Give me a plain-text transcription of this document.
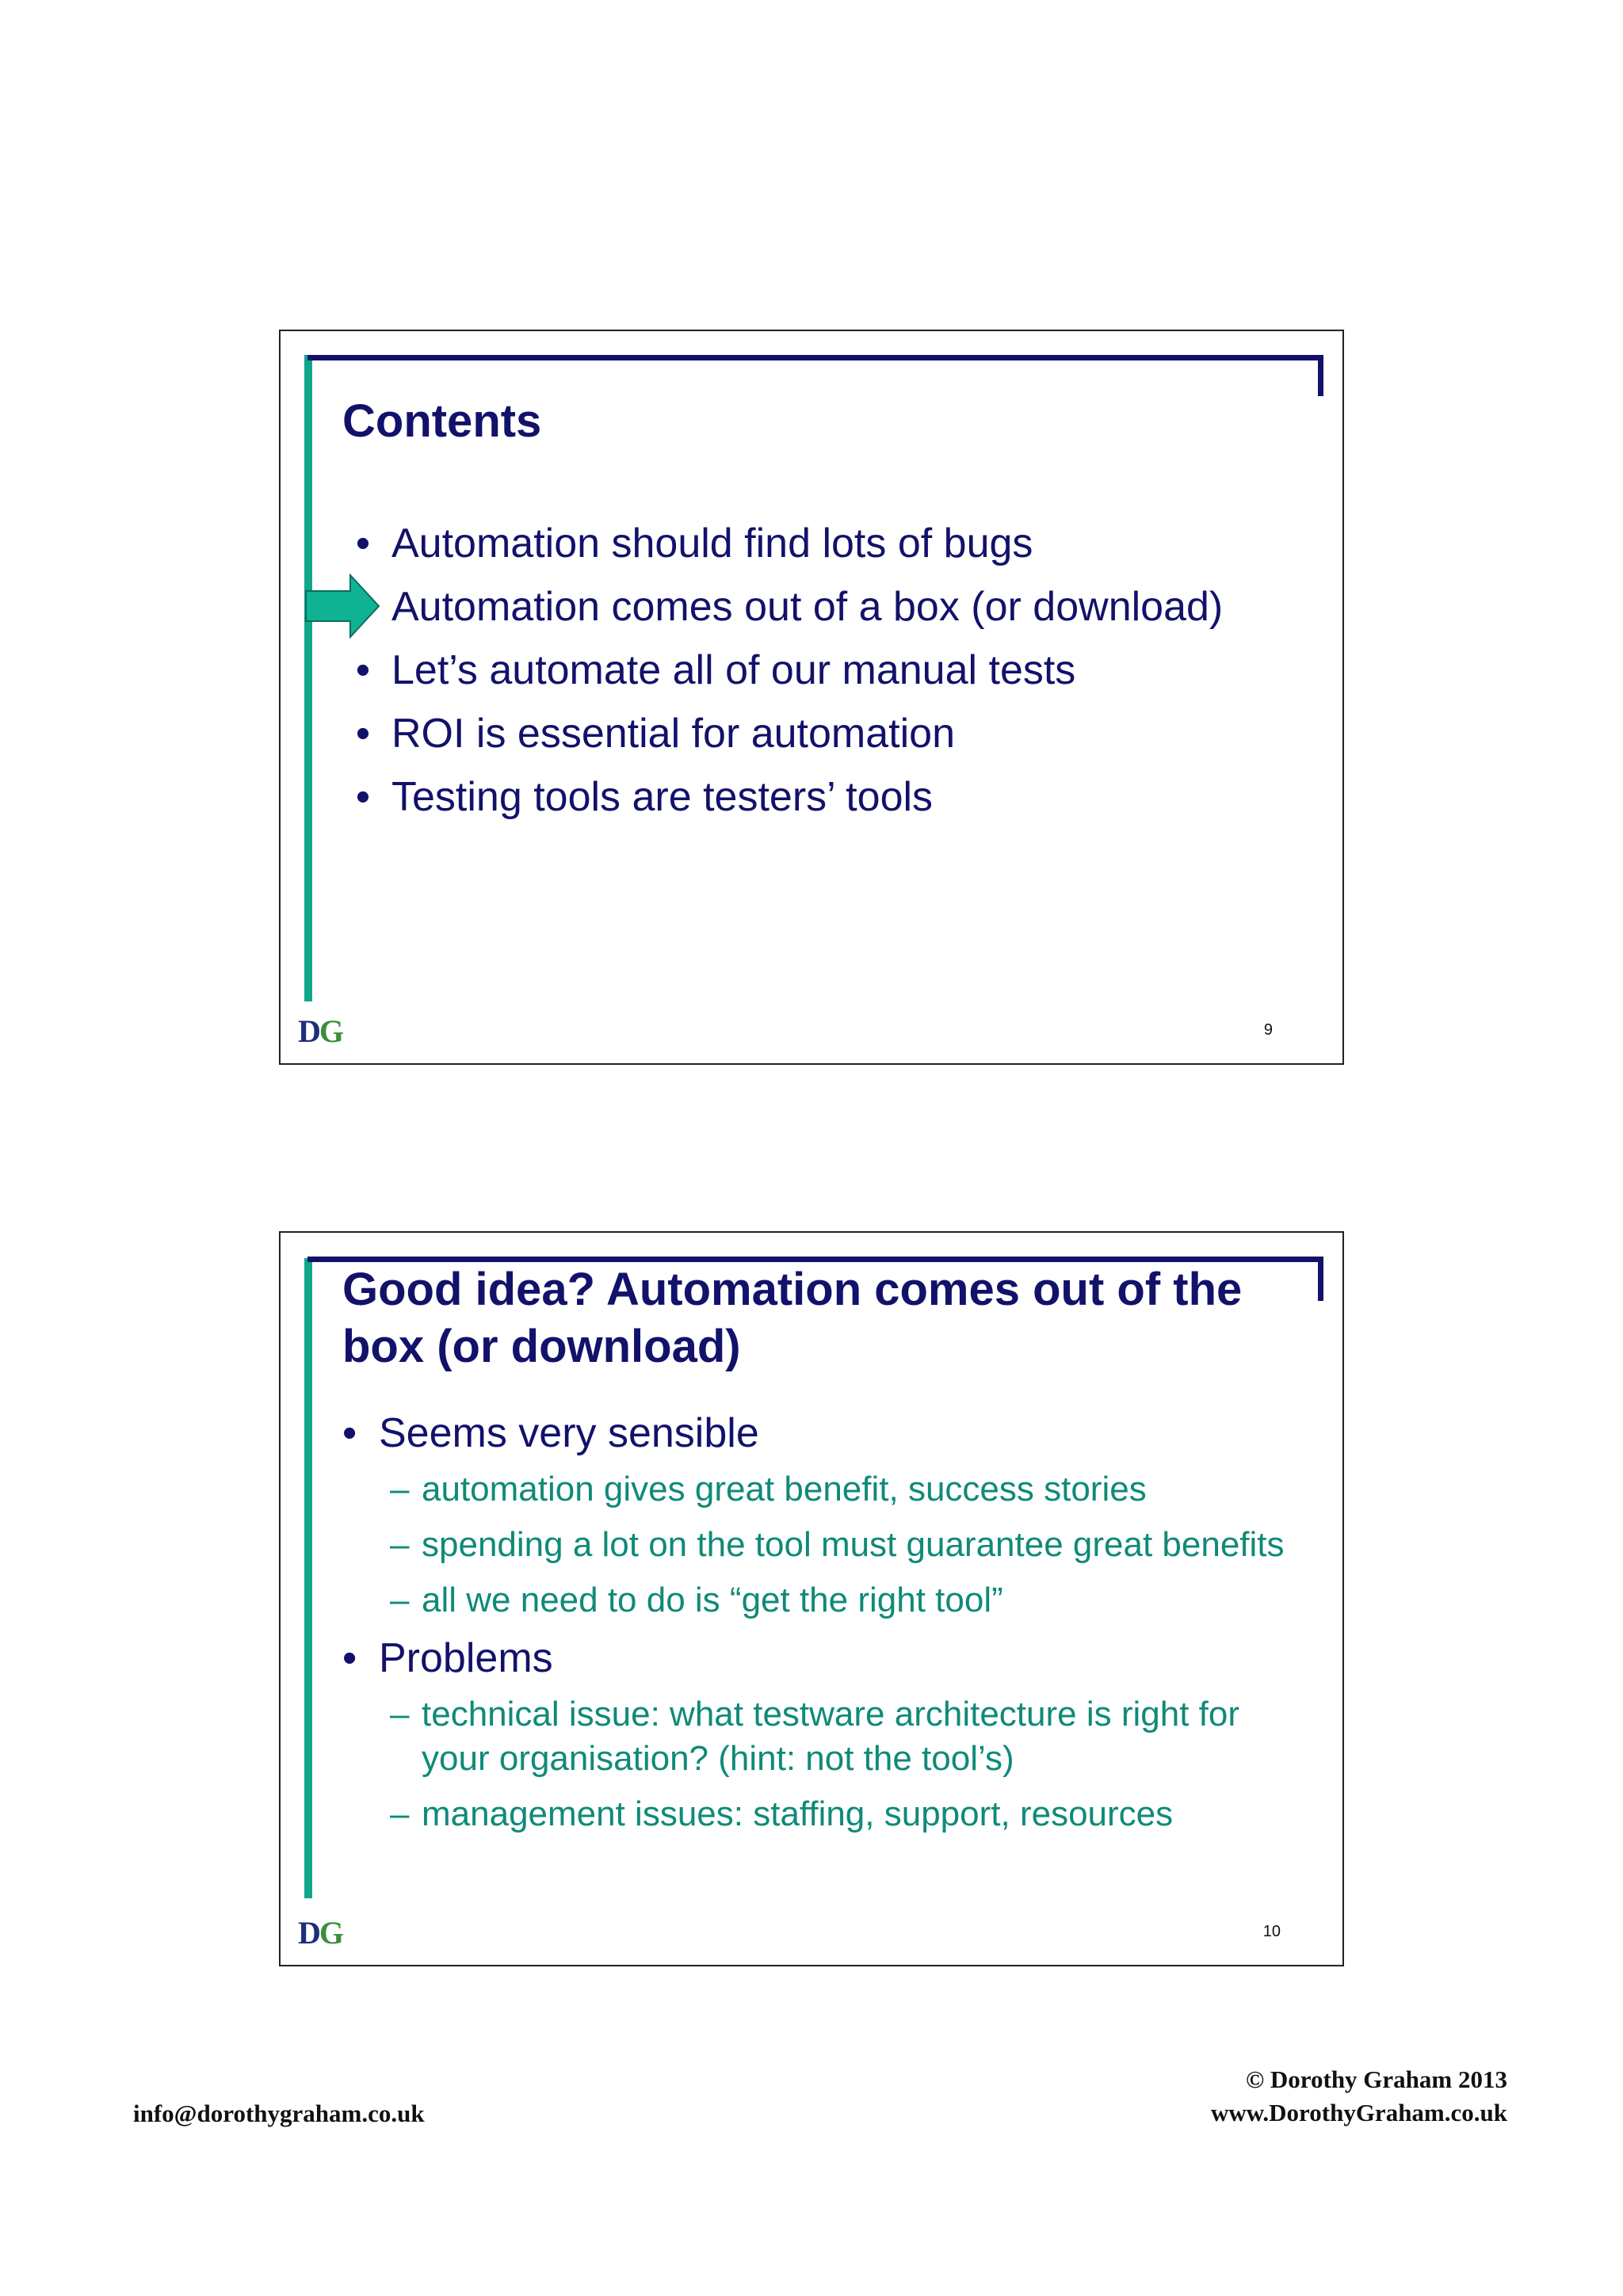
Contents
• Automation should find lots of bugs
Automation comes out of a box (or download)
• Let’s automate all of our manual tests
• ROI is essential for automation
• Testing tools are testers’ tools
DG	9
Good idea? Automation comes out of the
box (or download)
• Seems very sensible
– automation gives great benefit, success stories
– spending a lot on the tool must guarantee great benefits
– all we need to do is “get the right tool”
• Problems
– technical issue: what testware architecture is right for your organisation? (hint: not the tool’s)
– management issues: staffing, support, resources
DG	10
info@dorothygraham.co.uk
© Dorothy Graham 2013
www.DorothyGraham.co.uk
